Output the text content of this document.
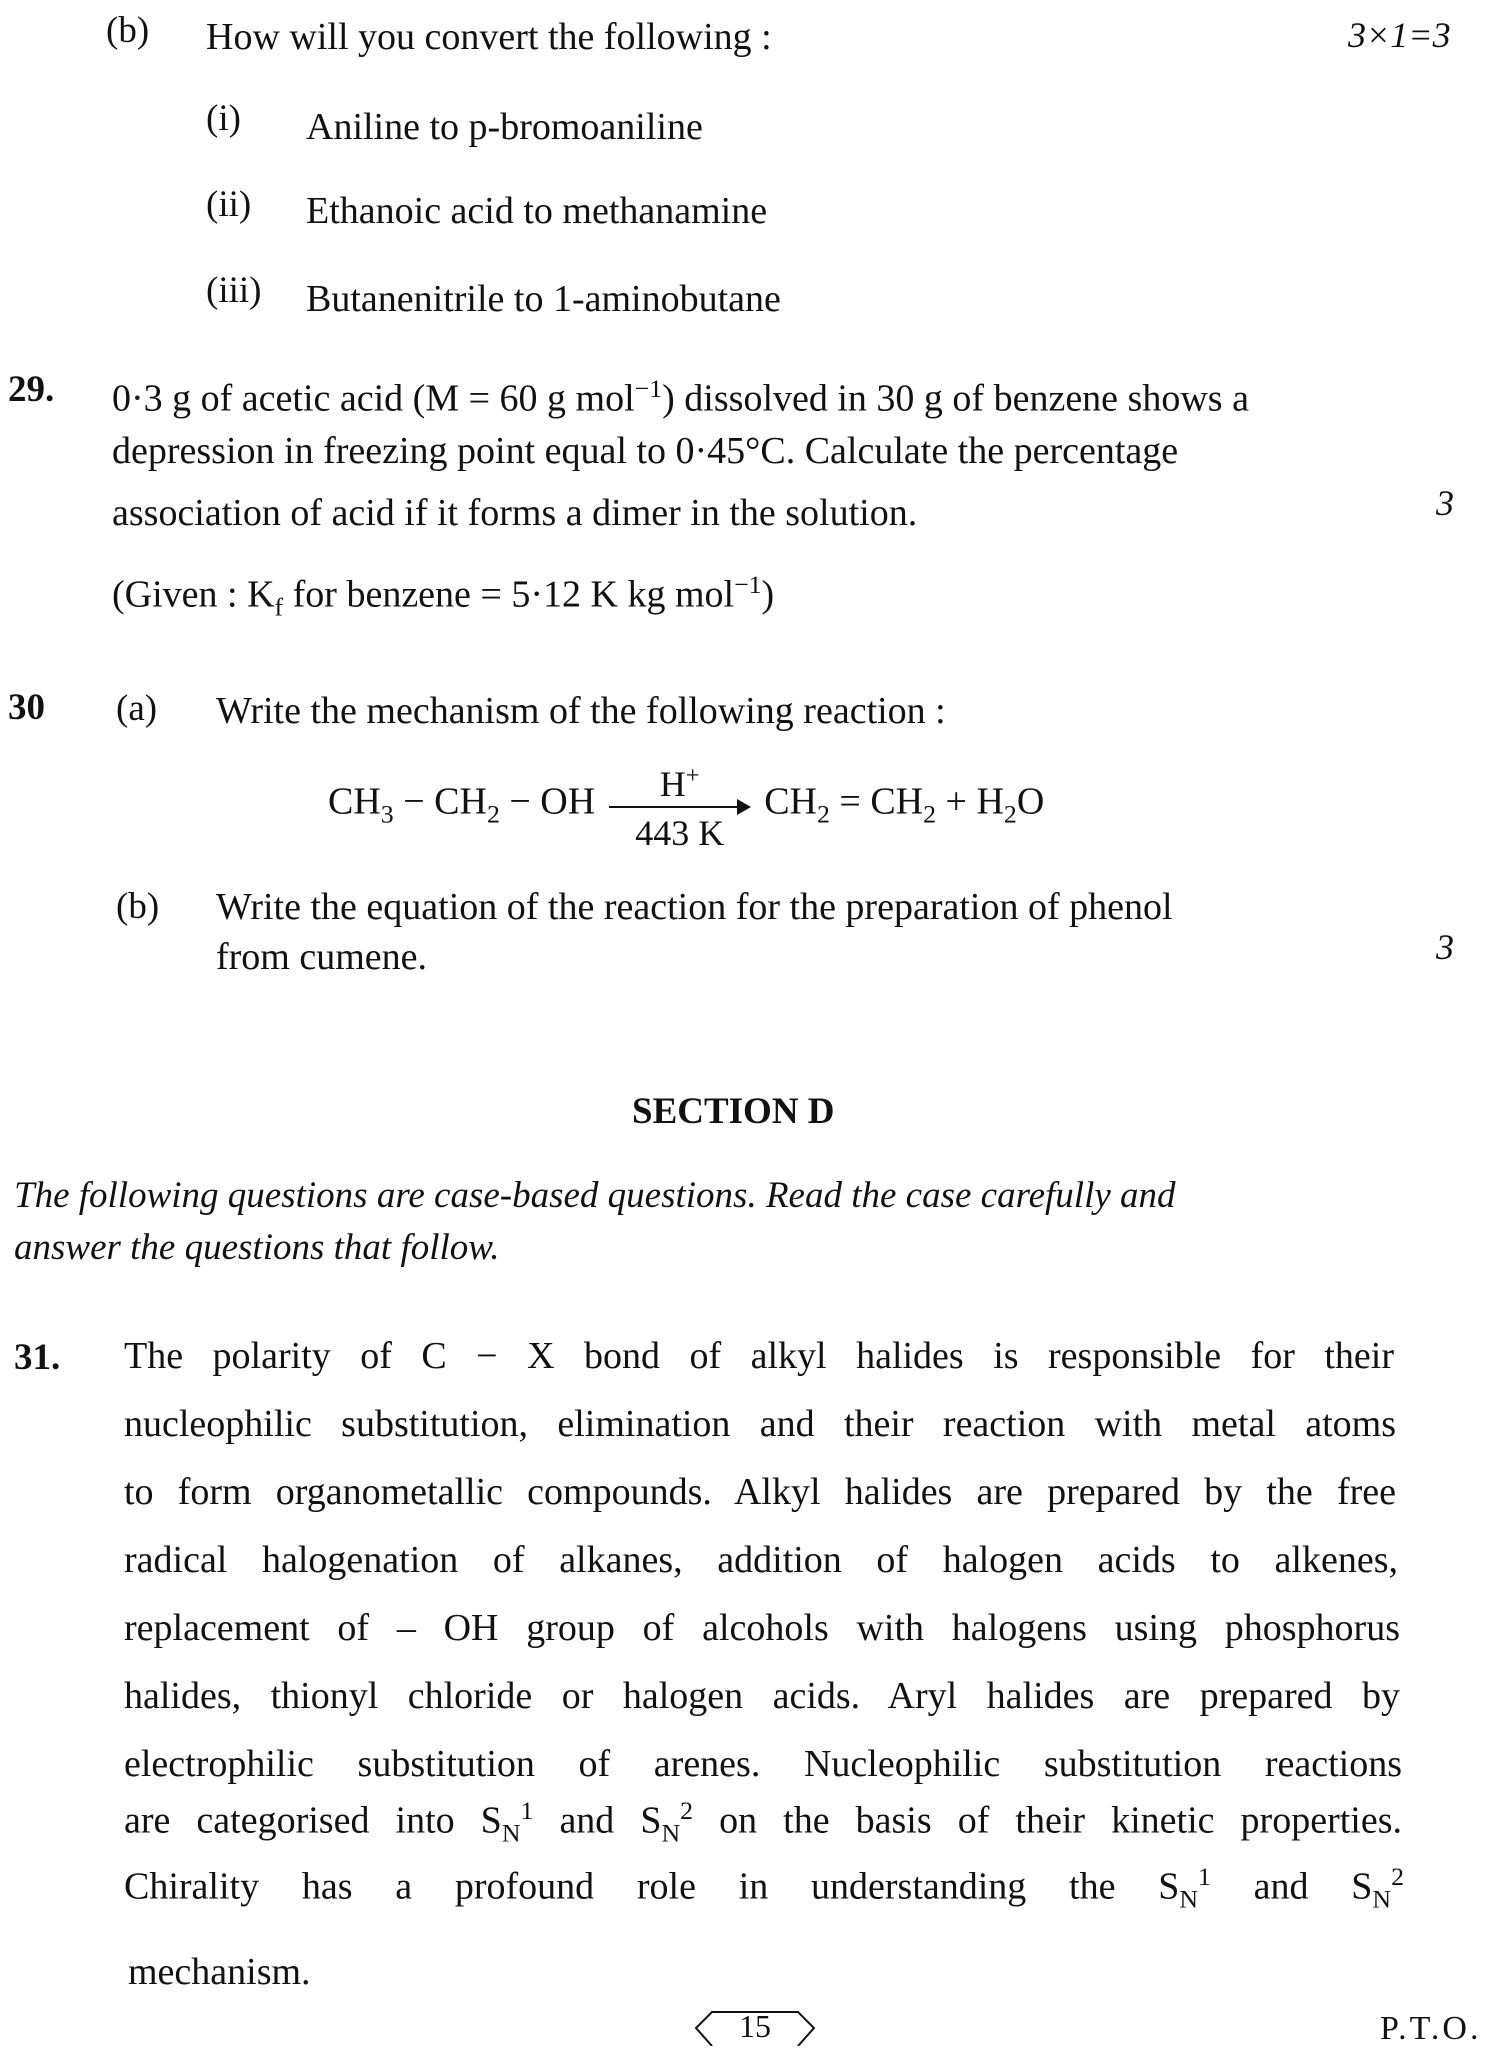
(b) How will you convert the following :	3×1=3
(i) Aniline to p-bromoaniline
(ii) Ethanoic acid to methanamine
(iii) Butanenitrile to 1-aminobutane
29. 0·3 g of acetic acid (M = 60 g mol$^{-1}$) dissolved in 30 g of benzene shows a
depression in freezing point equal to 0·45°C. Calculate the percentage
association of acid if it forms a dimer in the solution.	3
(Given : $K_f$ for benzene = 5·12 K kg mol$^{-1}$)
30 (a) Write the mechanism of the following reaction :
$CH_3 - CH_2$ − OH $\frac{H^+}{443 K} CH_2 = CH_2 + H_2O$
(b) Write the equation of the reaction for the preparation of phenol
from cumene.	3
SECTION D
The following questions are case-based questions. Read the case carefully and
answer the questions that follow.
31. The polarity of C − X bond of alkyl halides is responsible for their
nucleophilic substitution, elimination and their reaction with metal atoms
to form organometallic compounds. Alkyl halides are prepared by the free
radical halogenation of alkanes, addition of halogen acids to alkenes,
replacement of – OH group of alcohols with halogens using phosphorus
halides, thionyl chloride or halogen acids. Aryl halides are prepared by
electrophilic substitution of arenes. Nucleophilic substitution reactions
are categorised into $S_N^1$ and $S_N^2$ on the basis of their kinetic properties.
Chirality has a profound role in understanding the $S_N^1$ and $S_N^2$
mechanism.
15	P.T.O.
